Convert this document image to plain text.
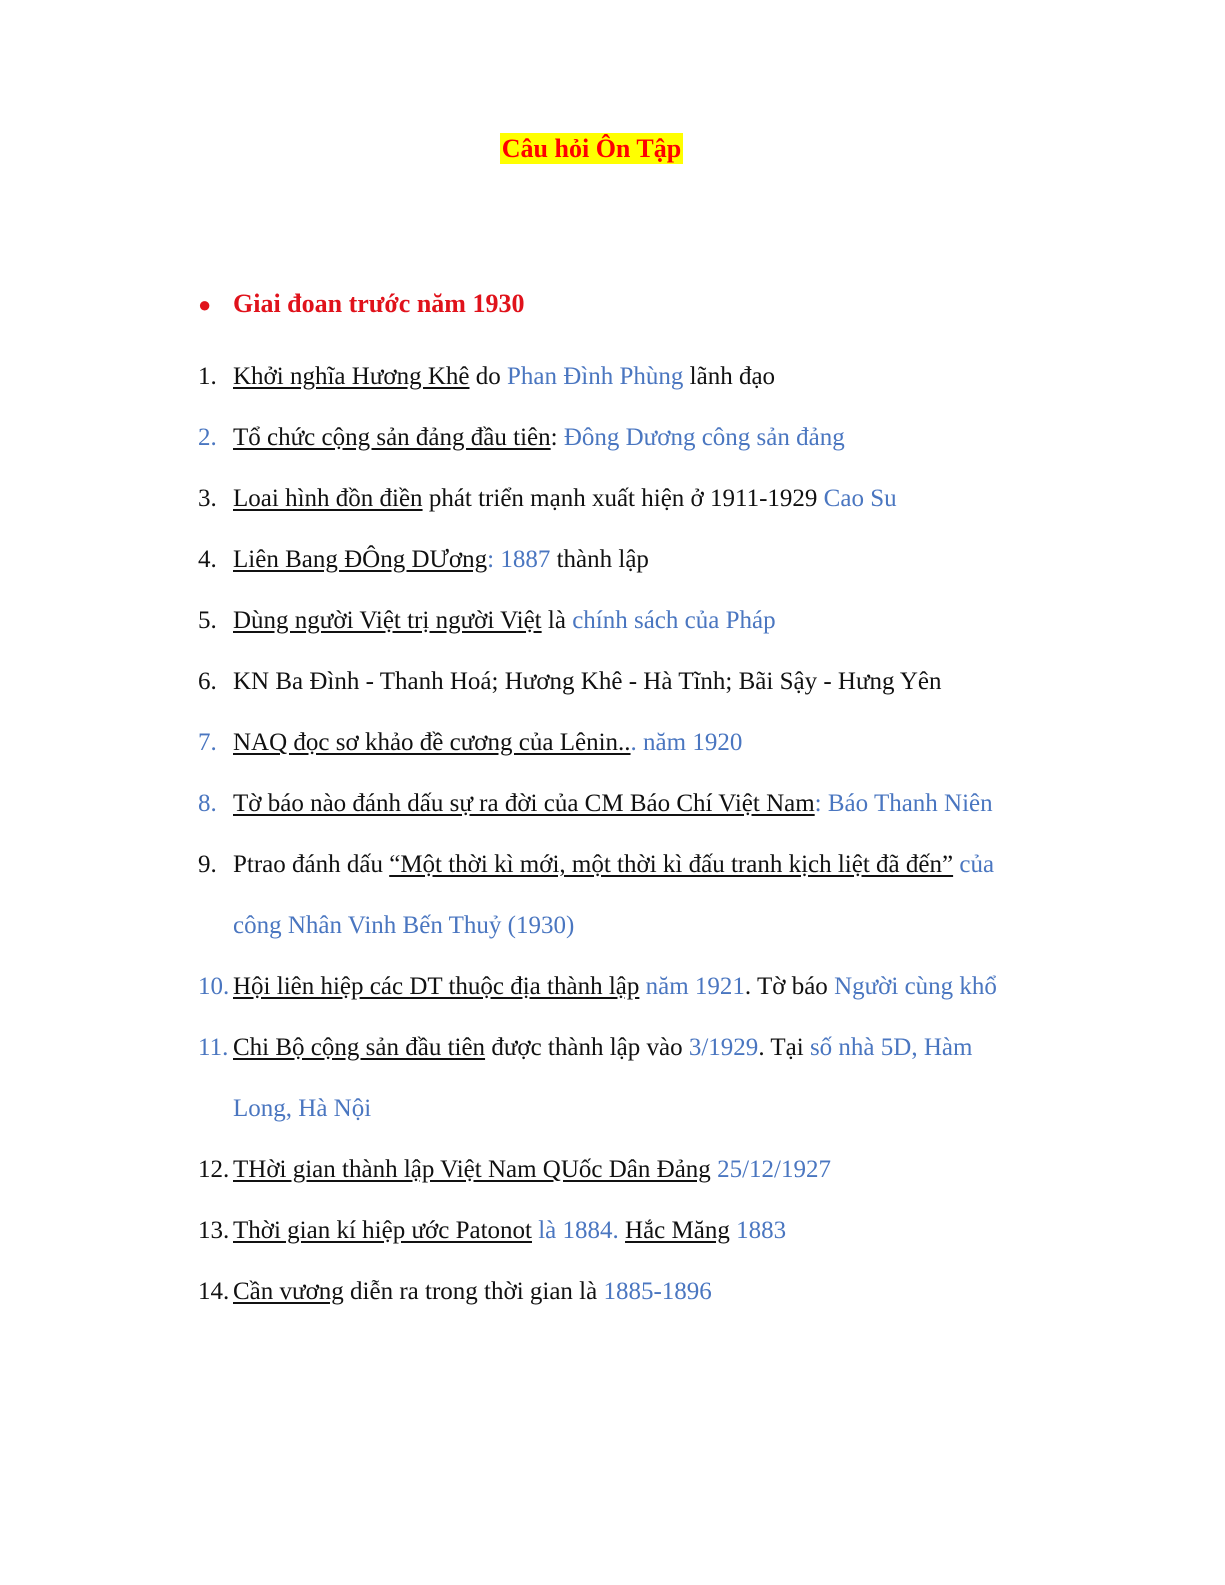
Câu hỏi Ôn Tập
● Giai đoan trước năm 1930
1. Khởi nghĩa Hương Khê do Phan Đình Phùng lãnh đạo
2. Tổ chức cộng sản đảng đầu tiên: Đông Dương công sản đảng
3. Loai hình đồn điền phát triển mạnh xuất hiện ở 1911-1929 Cao Su
4. Liên Bang ĐÔng DƯơng: 1887 thành lập
5. Dùng người Việt trị người Việt là chính sách của Pháp
6. KN Ba Đình - Thanh Hoá; Hương Khê - Hà Tĩnh; Bãi Sậy - Hưng Yên
7. NAQ đọc sơ khảo đề cương của Lênin... năm 1920
8. Tờ báo nào đánh dấu sự ra đời của CM Báo Chí Việt Nam: Báo Thanh Niên
9. Ptrao đánh dấu “Một thời kì mới, một thời kì đấu tranh kịch liệt đã đến” của công Nhân Vinh Bến Thuỷ (1930)
10. Hội liên hiệp các DT thuộc địa thành lập năm 1921. Tờ báo Người cùng khổ
11. Chi Bộ cộng sản đầu tiên được thành lập vào 3/1929. Tại số nhà 5D, Hàm Long, Hà Nội
12. THời gian thành lập Việt Nam QUốc Dân Đảng 25/12/1927
13. Thời gian kí hiệp ước Patonot là 1884. Hắc Măng 1883
14. Cần vương diễn ra trong thời gian là 1885-1896
